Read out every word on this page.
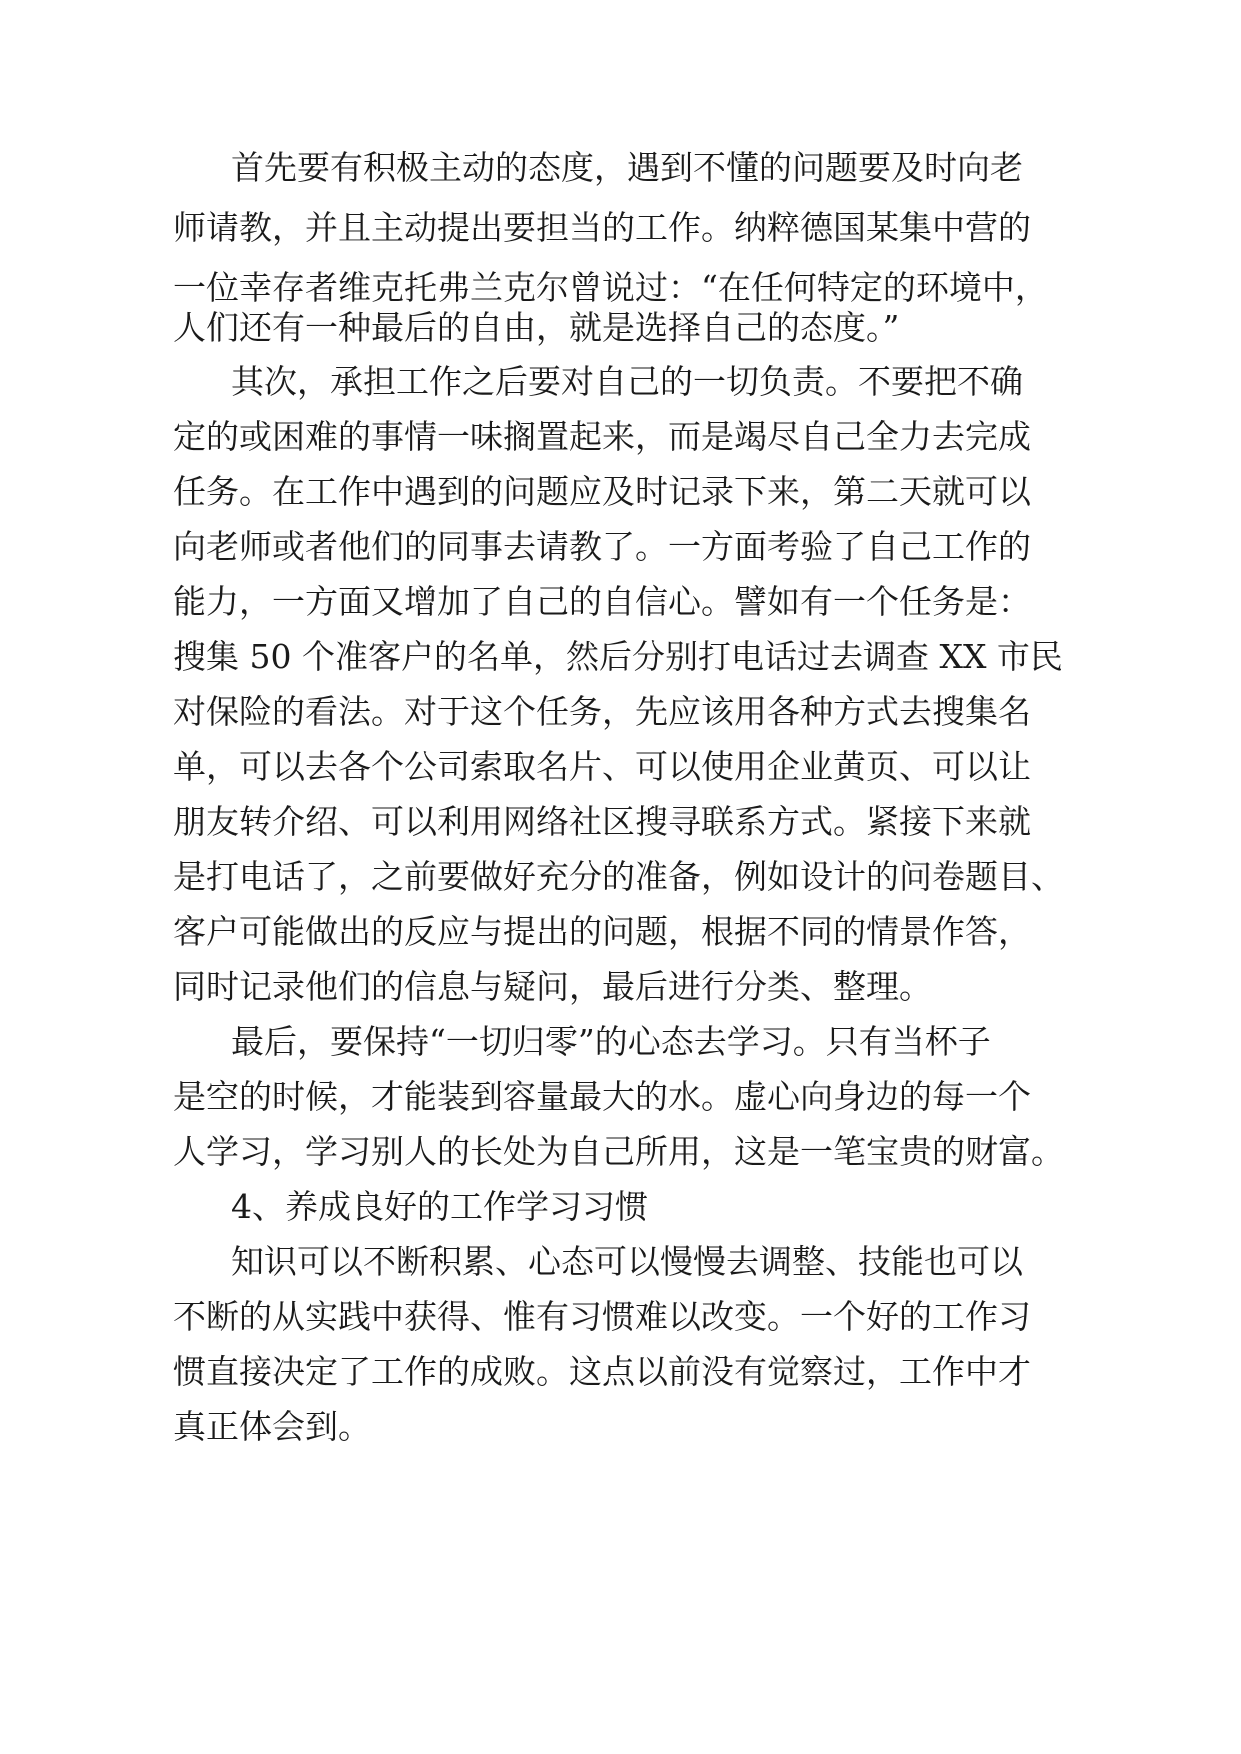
首先要有积极主动的态度，遇到不懂的问题要及时向老

师请教，并且主动提出要担当的工作。纳粹德国某集中营的

一位幸存者维克托弗兰克尔曾说过：“在任何特定的环境中，

人们还有一种最后的自由，就是选择自己的态度。”

其次，承担工作之后要对自己的一切负责。不要把不确

定的或困难的事情一味搁置起来，而是竭尽自己全力去完成

任务。在工作中遇到的问题应及时记录下来，第二天就可以

向老师或者他们的同事去请教了。一方面考验了自己工作的

能力，一方面又增加了自己的自信心。譬如有一个任务是：

搜集 50 个准客户的名单，然后分别打电话过去调查 XX 市民

对保险的看法。对于这个任务，先应该用各种方式去搜集名

单，可以去各个公司索取名片、可以使用企业黄页、可以让

朋友转介绍、可以利用网络社区搜寻联系方式。紧接下来就

是打电话了，之前要做好充分的准备，例如设计的问卷题目、

客户可能做出的反应与提出的问题，根据不同的情景作答，

同时记录他们的信息与疑问，最后进行分类、整理。

最后，要保持“一切归零”的心态去学习。只有当杯子

是空的时候，才能装到容量最大的水。虚心向身边的每一个

人学习，学习别人的长处为自己所用，这是一笔宝贵的财富。

4、养成良好的工作学习习惯

知识可以不断积累、心态可以慢慢去调整、技能也可以

不断的从实践中获得、惟有习惯难以改变。一个好的工作习

惯直接决定了工作的成败。这点以前没有觉察过，工作中才

真正体会到。
